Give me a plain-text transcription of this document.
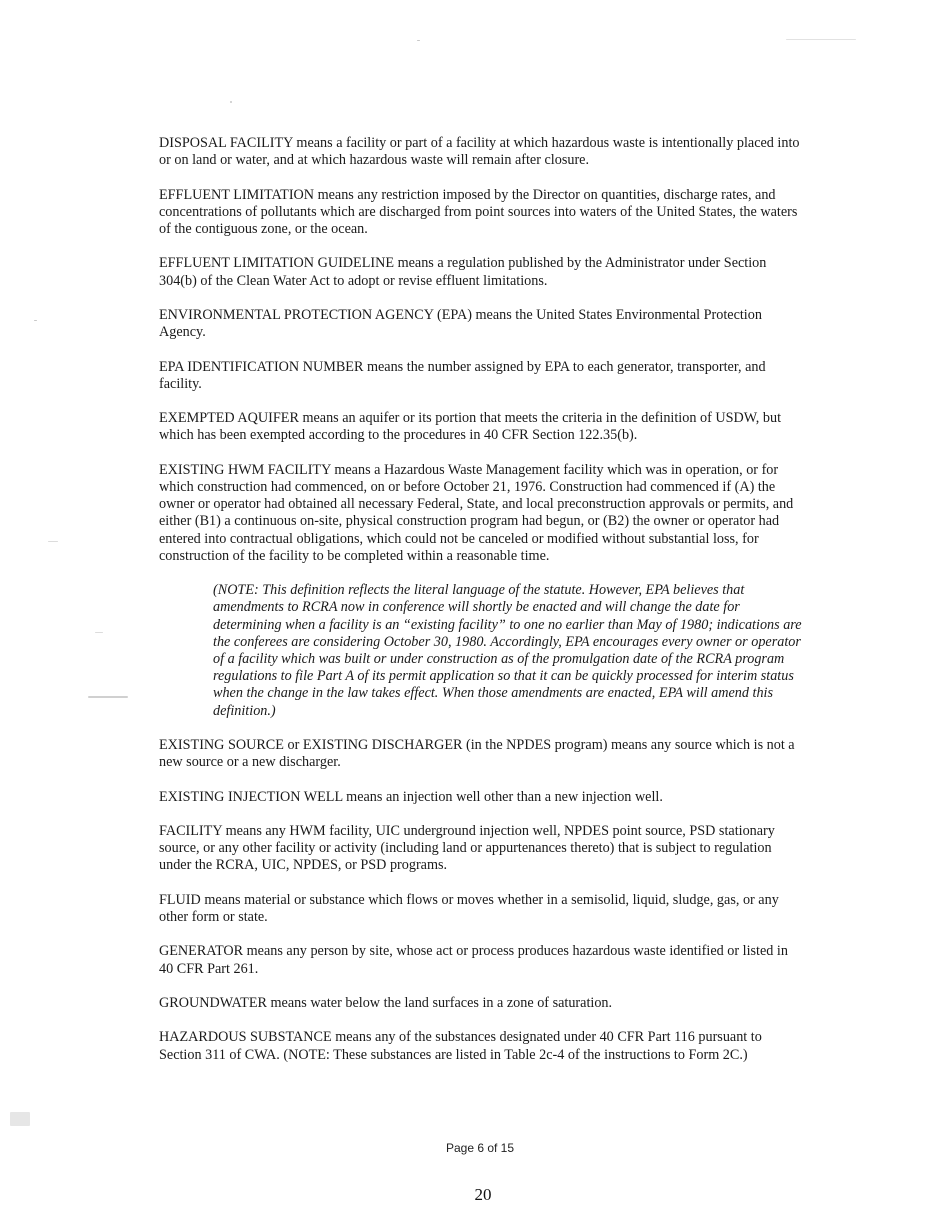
DISPOSAL FACILITY means a facility or part of a facility at which hazardous waste is intentionally placed into or on land or water, and at which hazardous waste will remain after closure.

EFFLUENT LIMITATION means any restriction imposed by the Director on quantities, discharge rates, and concentrations of pollutants which are discharged from point sources into waters of the United States, the waters of the contiguous zone, or the ocean.

EFFLUENT LIMITATION GUIDELINE means a regulation published by the Administrator under Section 304(b) of the Clean Water Act to adopt or revise effluent limitations.

ENVIRONMENTAL PROTECTION AGENCY (EPA) means the United States Environmental Protection Agency.

EPA IDENTIFICATION NUMBER means the number assigned by EPA to each generator, transporter, and facility.

EXEMPTED AQUIFER means an aquifer or its portion that meets the criteria in the definition of USDW, but which has been exempted according to the procedures in 40 CFR Section 122.35(b).

EXISTING HWM FACILITY means a Hazardous Waste Management facility which was in operation, or for which construction had commenced, on or before October 21, 1976. Construction had commenced if (A) the owner or operator had obtained all necessary Federal, State, and local preconstruction approvals or permits, and either (B1) a continuous on-site, physical construction program had begun, or (B2) the owner or operator had entered into contractual obligations, which could not be canceled or modified without substantial loss, for construction of the facility to be completed within a reasonable time.

(NOTE: This definition reflects the literal language of the statute. However, EPA believes that amendments to RCRA now in conference will shortly be enacted and will change the date for determining when a facility is an “existing facility” to one no earlier than May of 1980; indications are the conferees are considering October 30, 1980. Accordingly, EPA encourages every owner or operator of a facility which was built or under construction as of the promulgation date of the RCRA program regulations to file Part A of its permit application so that it can be quickly processed for interim status when the change in the law takes effect. When those amendments are enacted, EPA will amend this definition.)

EXISTING SOURCE or EXISTING DISCHARGER (in the NPDES program) means any source which is not a new source or a new discharger.

EXISTING INJECTION WELL means an injection well other than a new injection well.

FACILITY means any HWM facility, UIC underground injection well, NPDES point source, PSD stationary source, or any other facility or activity (including land or appurtenances thereto) that is subject to regulation under the RCRA, UIC, NPDES, or PSD programs.

FLUID means material or substance which flows or moves whether in a semisolid, liquid, sludge, gas, or any other form or state.

GENERATOR means any person by site, whose act or process produces hazardous waste identified or listed in 40 CFR Part 261.

GROUNDWATER means water below the land surfaces in a zone of saturation.

HAZARDOUS SUBSTANCE means any of the substances designated under 40 CFR Part 116 pursuant to Section 311 of CWA. (NOTE: These substances are listed in Table 2c-4 of the instructions to Form 2C.)

Page 6 of 15
20
